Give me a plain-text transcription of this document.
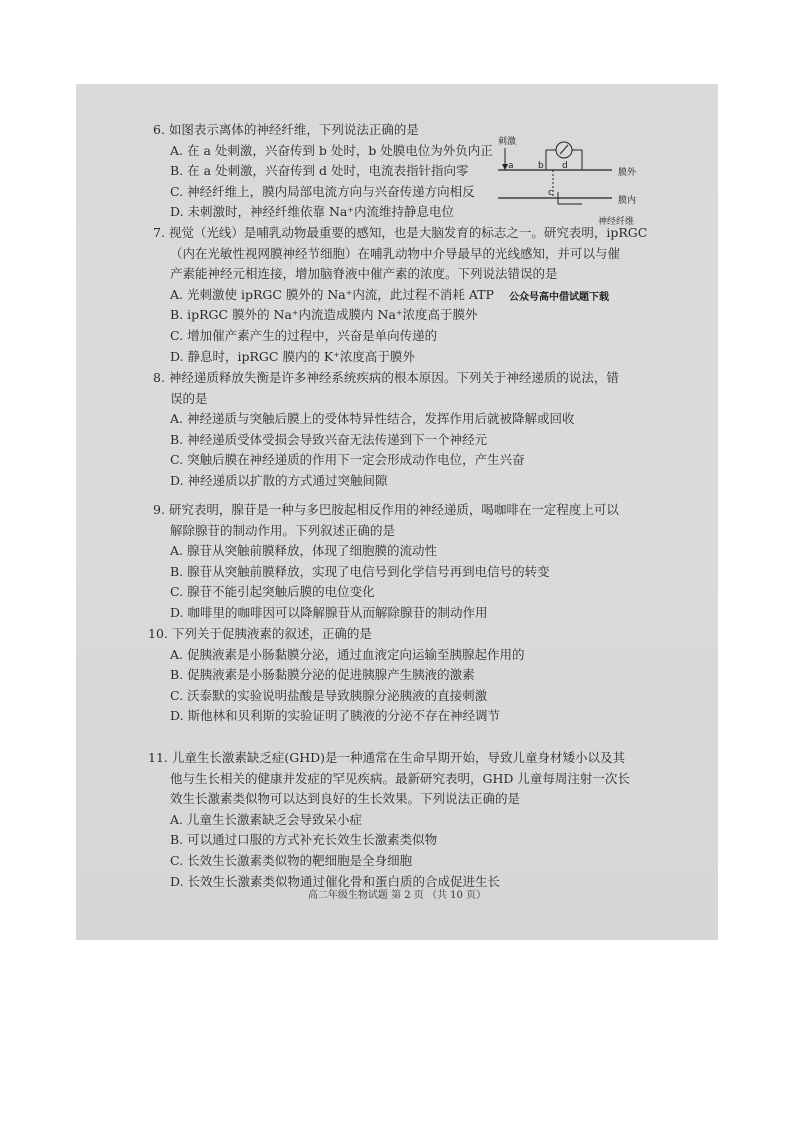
6. 如图表示离体的神经纤维，下列说法正确的是
A. 在 a 处刺激，兴奋传到 b 处时，b 处膜电位为外负内正
B. 在 a 处刺激，兴奋传到 d 处时，电流表指针指向零
C. 神经纤维上，膜内局部电流方向与兴奋传递方向相反
D. 未刺激时，神经纤维依靠 Na⁺内流维持静息电位
刺激
a	b d
c
膜外
膜内
神经纤维
7. 视觉（光线）是哺乳动物最重要的感知，也是大脑发育的标志之一。研究表明，ipRGC
（内在光敏性视网膜神经节细胞）在哺乳动物中介导最早的光线感知，并可以与催
产素能神经元相连接，增加脑脊液中催产素的浓度。下列说法错误的是
A. 光刺激使 ipRGC 膜外的 Na⁺内流，此过程不消耗 ATP
B. ipRGC 膜外的 Na⁺内流造成膜内 Na⁺浓度高于膜外
C. 增加催产素产生的过程中，兴奋是单向传递的
D. 静息时，ipRGC 膜内的 K⁺浓度高于膜外
公众号高中借试题下载
8. 神经递质释放失衡是许多神经系统疾病的根本原因。下列关于神经递质的说法，错
误的是
A. 神经递质与突触后膜上的受体特异性结合，发挥作用后就被降解或回收
B. 神经递质受体受损会导致兴奋无法传递到下一个神经元
C. 突触后膜在神经递质的作用下一定会形成动作电位，产生兴奋
D. 神经递质以扩散的方式通过突触间隙
9. 研究表明，腺苷是一种与多巴胺起相反作用的神经递质，喝咖啡在一定程度上可以
解除腺苷的制动作用。下列叙述正确的是
A. 腺苷从突触前膜释放，体现了细胞膜的流动性
B. 腺苷从突触前膜释放，实现了电信号到化学信号再到电信号的转变
C. 腺苷不能引起突触后膜的电位变化
D. 咖啡里的咖啡因可以降解腺苷从而解除腺苷的制动作用
10. 下列关于促胰液素的叙述，正确的是
A. 促胰液素是小肠黏膜分泌，通过血液定向运输至胰腺起作用的
B. 促胰液素是小肠黏膜分泌的促进胰腺产生胰液的激素
C. 沃泰默的实验说明盐酸是导致胰腺分泌胰液的直接刺激
D. 斯他林和贝利斯的实验证明了胰液的分泌不存在神经调节
11. 儿童生长激素缺乏症(GHD)是一种通常在生命早期开始，导致儿童身材矮小以及其
他与生长相关的健康并发症的罕见疾病。最新研究表明，GHD 儿童每周注射一次长
效生长激素类似物可以达到良好的生长效果。下列说法正确的是
A. 儿童生长激素缺乏会导致呆小症
B. 可以通过口服的方式补充长效生长激素类似物
C. 长效生长激素类似物的靶细胞是全身细胞
D. 长效生长激素类似物通过催化骨和蛋白质的合成促进生长
高二年级生物试题 第 2 页 （共 10 页）
